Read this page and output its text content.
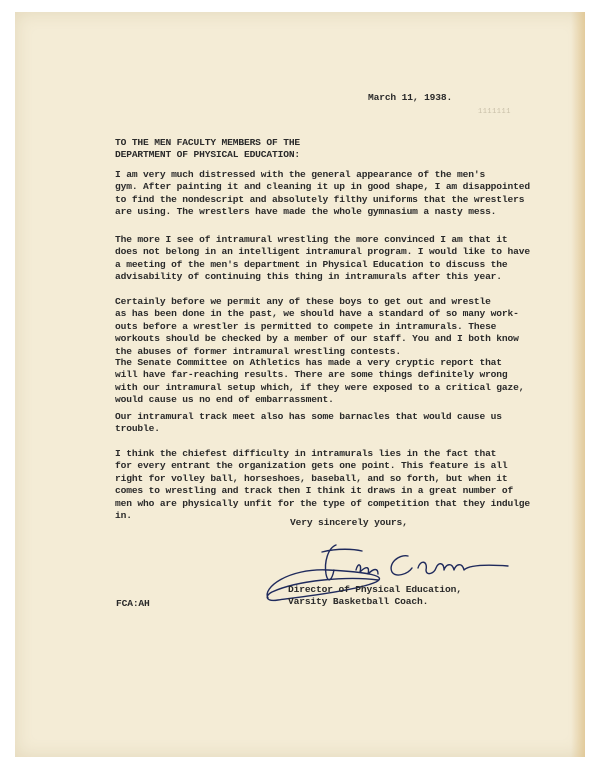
1111111
March 11, 1938.
TO THE MEN FACULTY MEMBERS OF THE
DEPARTMENT OF PHYSICAL EDUCATION:
I am very much distressed with the general appearance of the men's
gym. After painting it and cleaning it up in good shape, I am disappointed
to find the nondescript and absolutely filthy uniforms that the wrestlers
are using. The wrestlers have made the whole gymnasium a nasty mess.
The more I see of intramural wrestling the more convinced I am that it
does not belong in an intelligent intramural program. I would like to have
a meeting of the men's department in Physical Education to discuss the
advisability of continuing this thing in intramurals after this year.
Certainly before we permit any of these boys to get out and wrestle
as has been done in the past, we should have a standard of so many work-
outs before a wrestler is permitted to compete in intramurals. These
workouts should be checked by a member of our staff. You and I both know
the abuses of former intramural wrestling contests.
The Senate Committee on Athletics has made a very cryptic report that
will have far-reaching results. There are some things definitely wrong
with our intramural setup which, if they were exposed to a critical gaze,
would cause us no end of embarrassment.
Our intramural track meet also has some barnacles that would cause us
trouble.
I think the chiefest difficulty in intramurals lies in the fact that
for every entrant the organization gets one point. This feature is all
right for volley ball, horseshoes, baseball, and so forth, but when it
comes to wrestling and track then I think it draws in a great number of
men who are physically unfit for the type of competition that they indulge
in.
Very sincerely yours,
Director of Physical Education,
Varsity Basketball Coach.
FCA:AH
